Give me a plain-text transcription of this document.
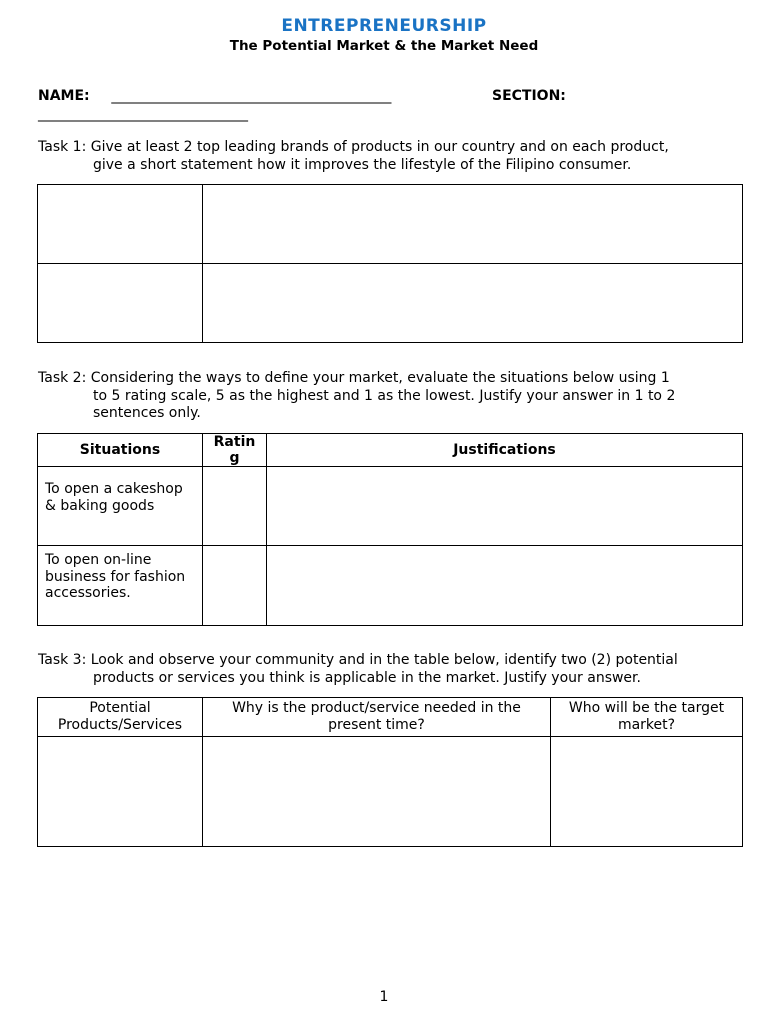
ENTREPRENEURSHIP
The Potential Market & the Market Need
NAME: ________________________________________	SECTION:
______________________________
Task 1: Give at least 2 top leading brands of products in our country and on each product,
give a short statement how it improves the lifestyle of the Filipino consumer.

Task 2: Considering the ways to define your market, evaluate the situations below using 1
to 5 rating scale, 5 as the highest and 1 as the lowest. Justify your answer in 1 to 2
sentences only.
Situations	Rating	Justifications
To open a cakeshop & baking goods		
To open on-line business for fashion accessories.		
Task 3: Look and observe your community and in the table below, identify two (2) potential
products or services you think is applicable in the market. Justify your answer.
Potential Products/Services	Why is the product/service needed in the present time?	Who will be the target market?

1
